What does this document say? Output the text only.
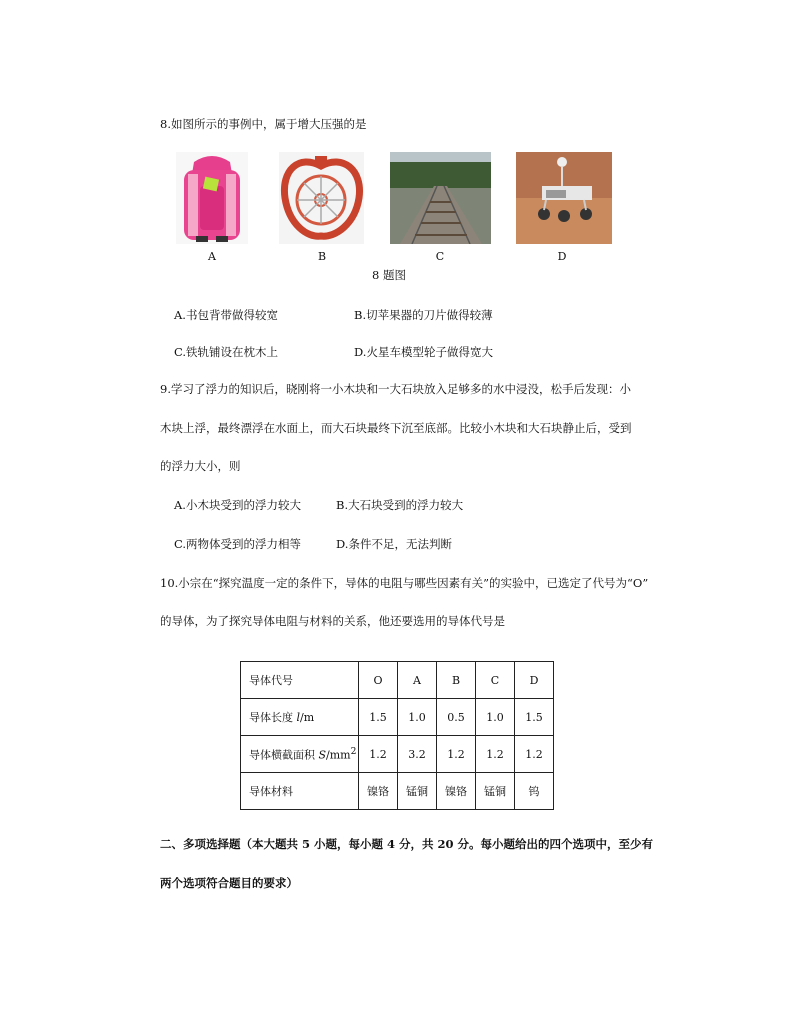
8.如图所示的事例中，属于增大压强的是
A	B	C	D
8 题图
A.书包背带做得较宽	B.切苹果器的刀片做得较薄
C.铁轨铺设在枕木上	D.火星车模型轮子做得宽大
9.学习了浮力的知识后，晓刚将一小木块和一大石块放入足够多的水中浸没，松手后发现：小
木块上浮，最终漂浮在水面上，而大石块最终下沉至底部。比较小木块和大石块静止后，受到
的浮力大小，则
A.小木块受到的浮力较大	B.大石块受到的浮力较大
C.两物体受到的浮力相等	D.条件不足，无法判断
10.小宗在“探究温度一定的条件下，导体的电阻与哪些因素有关”的实验中，已选定了代号为“O”
的导体，为了探究导体电阻与材料的关系，他还要选用的导体代号是
导体代号	O	A	B	C	D
导体长度 l/m	1.5	1.0	0.5	1.0	1.5
导体横截面积 $S/mm^2$	1.2	3.2	1.2	1.2	1.2
导体材料	镍铬	锰铜	镍铬	锰铜	钨
二、多项选择题（本大题共 5 小题，每小题 4 分，共 20 分。每小题给出的四个选项中，至少有
两个选项符合题目的要求）
